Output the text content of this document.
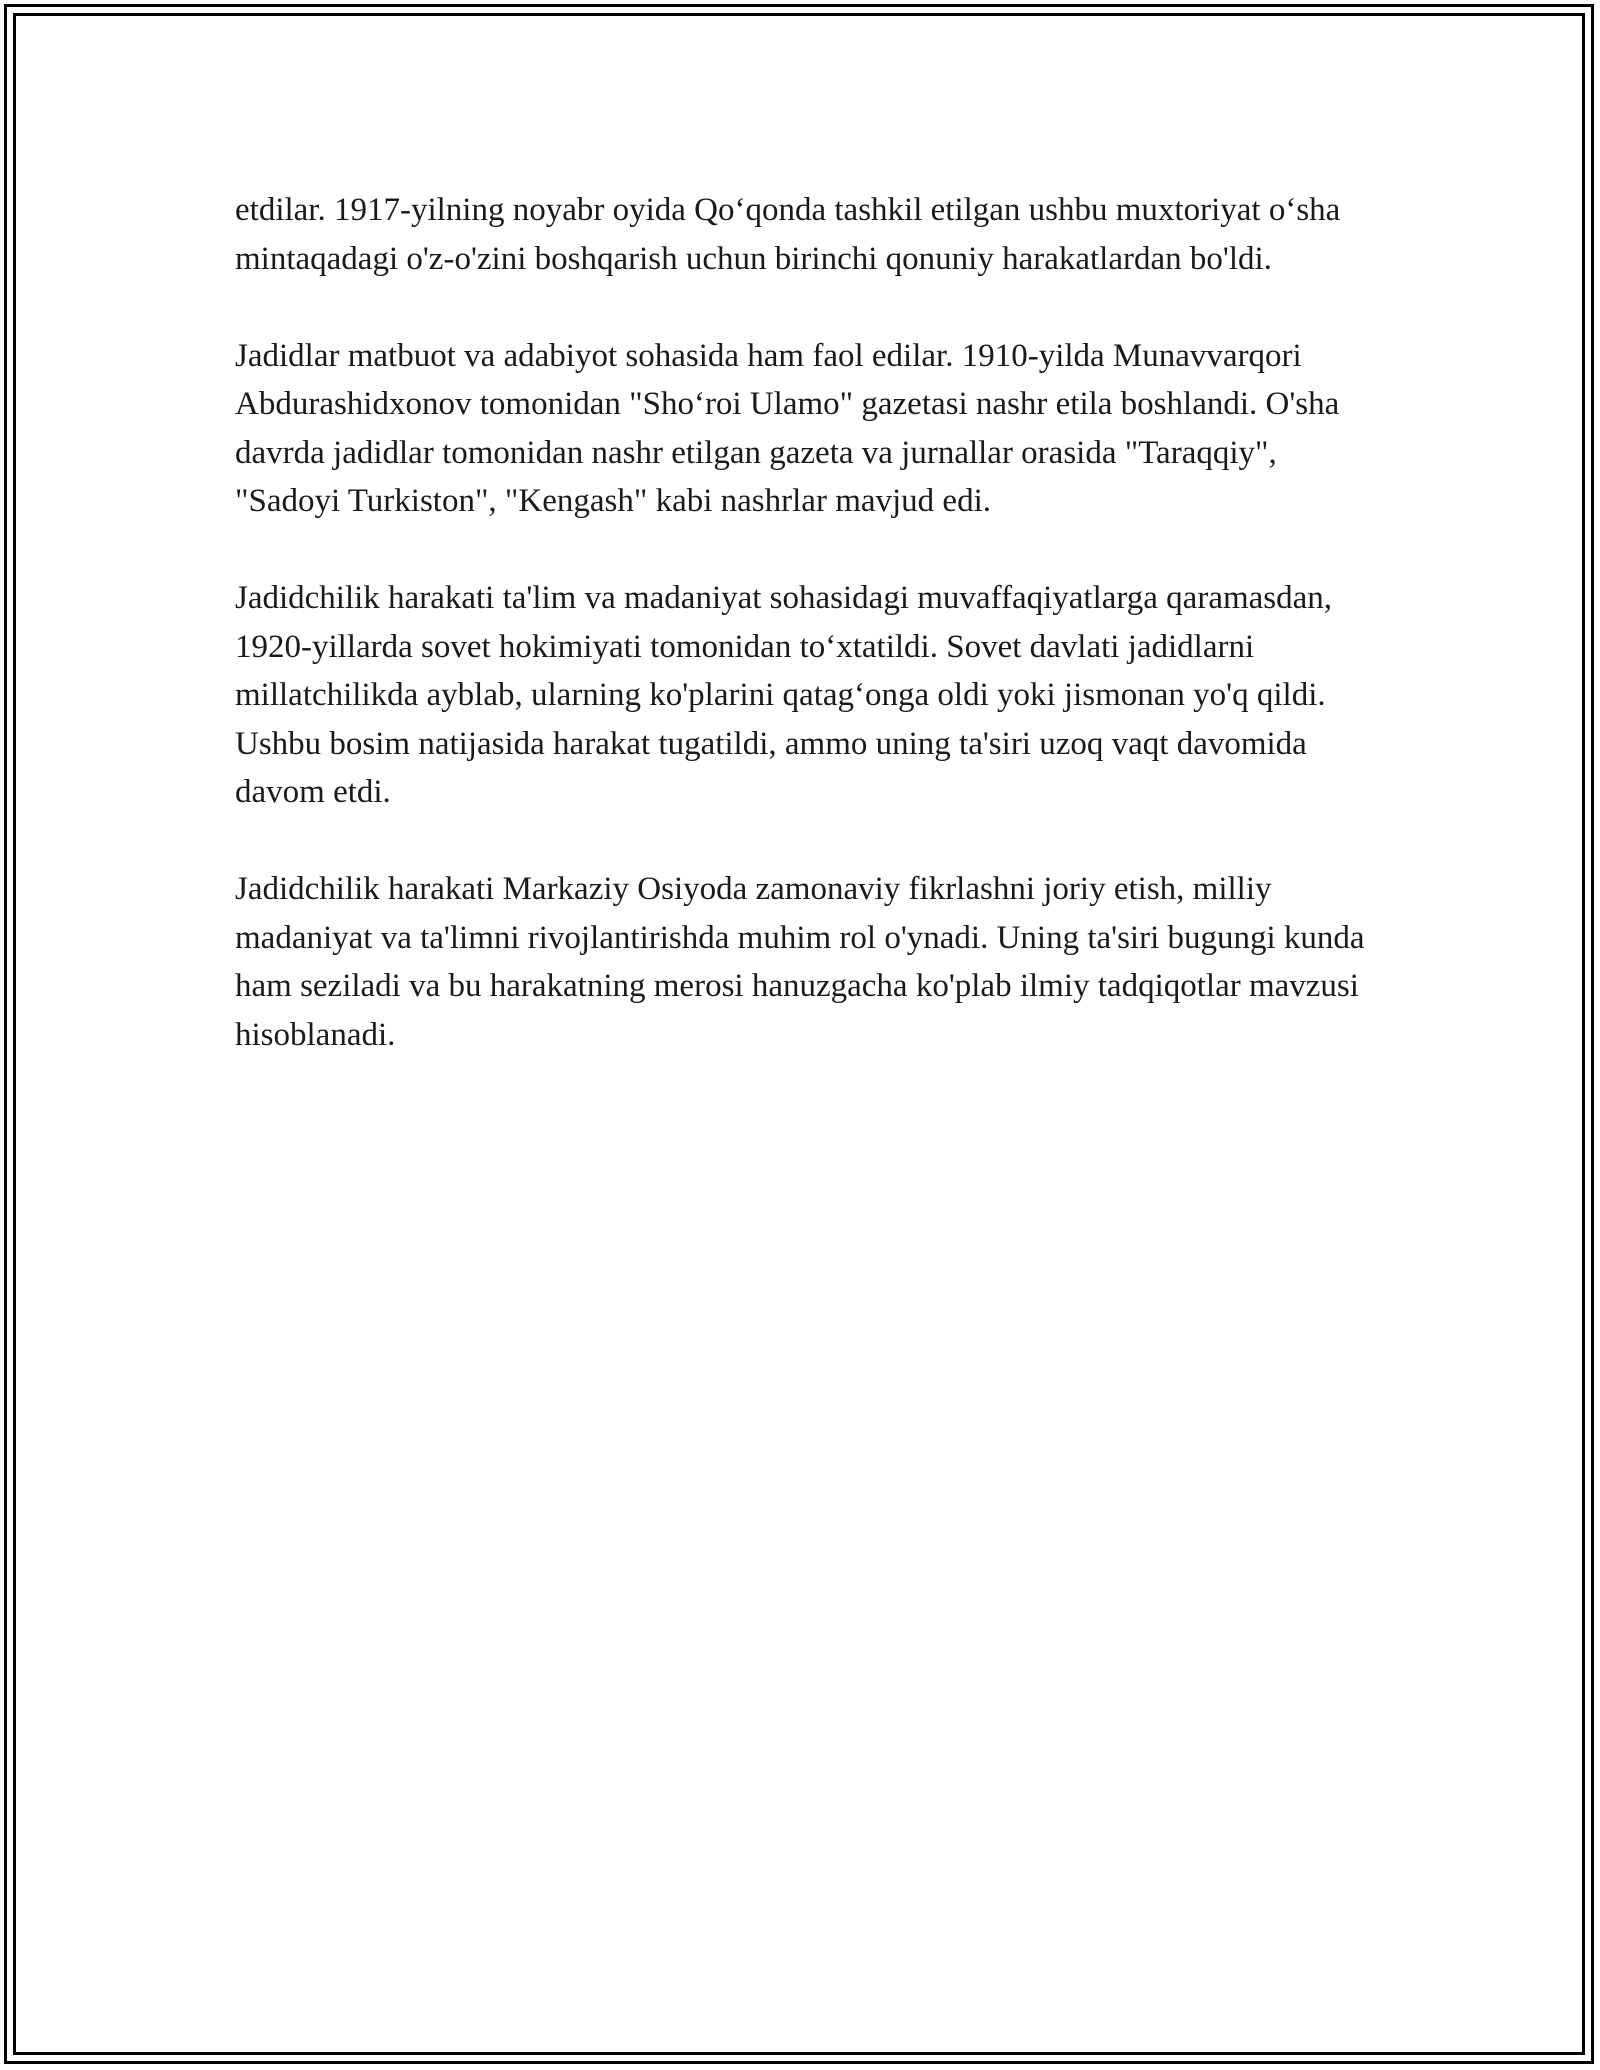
etdilar. 1917-yilning noyabr oyida Qo‘qonda tashkil etilgan ushbu muxtoriyat o‘sha mintaqadagi o'z-o'zini boshqarish uchun birinchi qonuniy harakatlardan bo'ldi.

Jadidlar matbuot va adabiyot sohasida ham faol edilar. 1910-yilda Munavvarqori Abdurashidxonov tomonidan "Sho‘roi Ulamo" gazetasi nashr etila boshlandi. O'sha davrda jadidlar tomonidan nashr etilgan gazeta va jurnallar orasida "Taraqqiy", "Sadoyi Turkiston", "Kengash" kabi nashrlar mavjud edi.

Jadidchilik harakati ta'lim va madaniyat sohasidagi muvaffaqiyatlarga qaramasdan, 1920-yillarda sovet hokimiyati tomonidan to‘xtatildi. Sovet davlati jadidlarni millatchilikda ayblab, ularning ko'plarini qatag‘onga oldi yoki jismonan yo'q qildi. Ushbu bosim natijasida harakat tugatildi, ammo uning ta'siri uzoq vaqt davomida davom etdi.

Jadidchilik harakati Markaziy Osiyoda zamonaviy fikrlashni joriy etish, milliy madaniyat va ta'limni rivojlantirishda muhim rol o'ynadi. Uning ta'siri bugungi kunda ham seziladi va bu harakatning merosi hanuzgacha ko'plab ilmiy tadqiqotlar mavzusi hisoblanadi.
